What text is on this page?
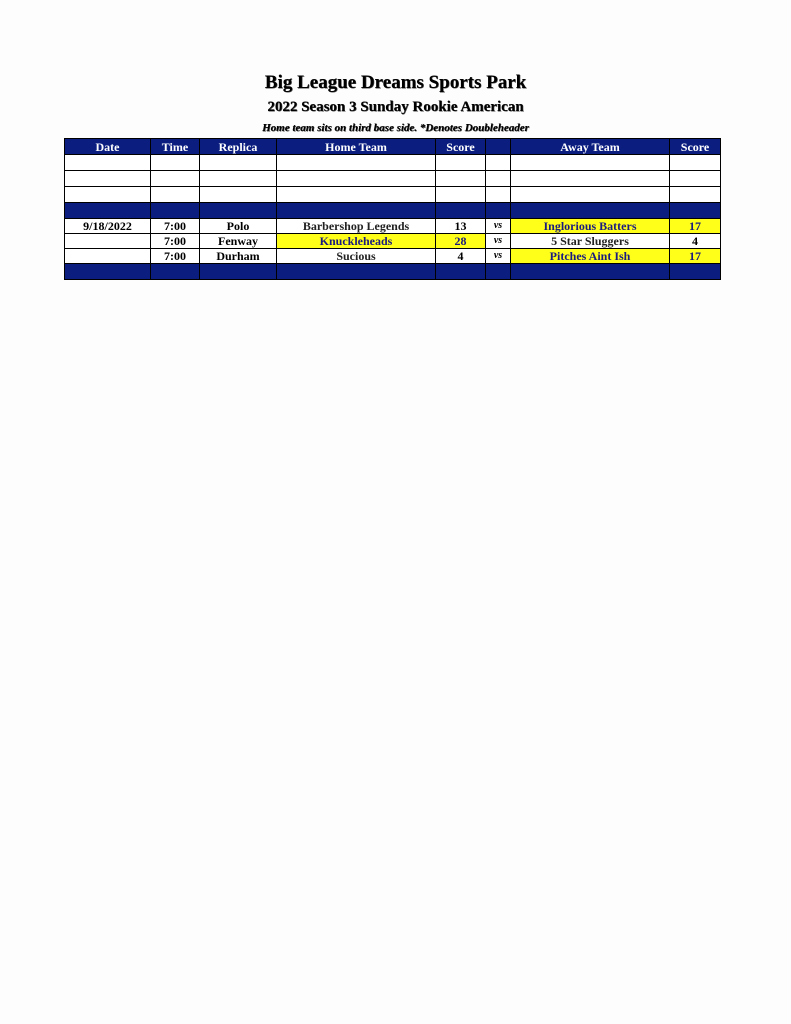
Big League Dreams Sports Park
2022 Season 3 Sunday Rookie American
Home team sits on third base side. *Denotes Doubleheader
Date	Time	Replica	Home Team	Score		Away Team	Score

9/18/2022	7:00	Polo	Barbershop Legends	13	vs	Inglorious Batters	17
	7:00	Fenway	Knuckleheads	28	vs	5 Star Sluggers	4
	7:00	Durham	Sucious	4	vs	Pitches Aint Ish	17
